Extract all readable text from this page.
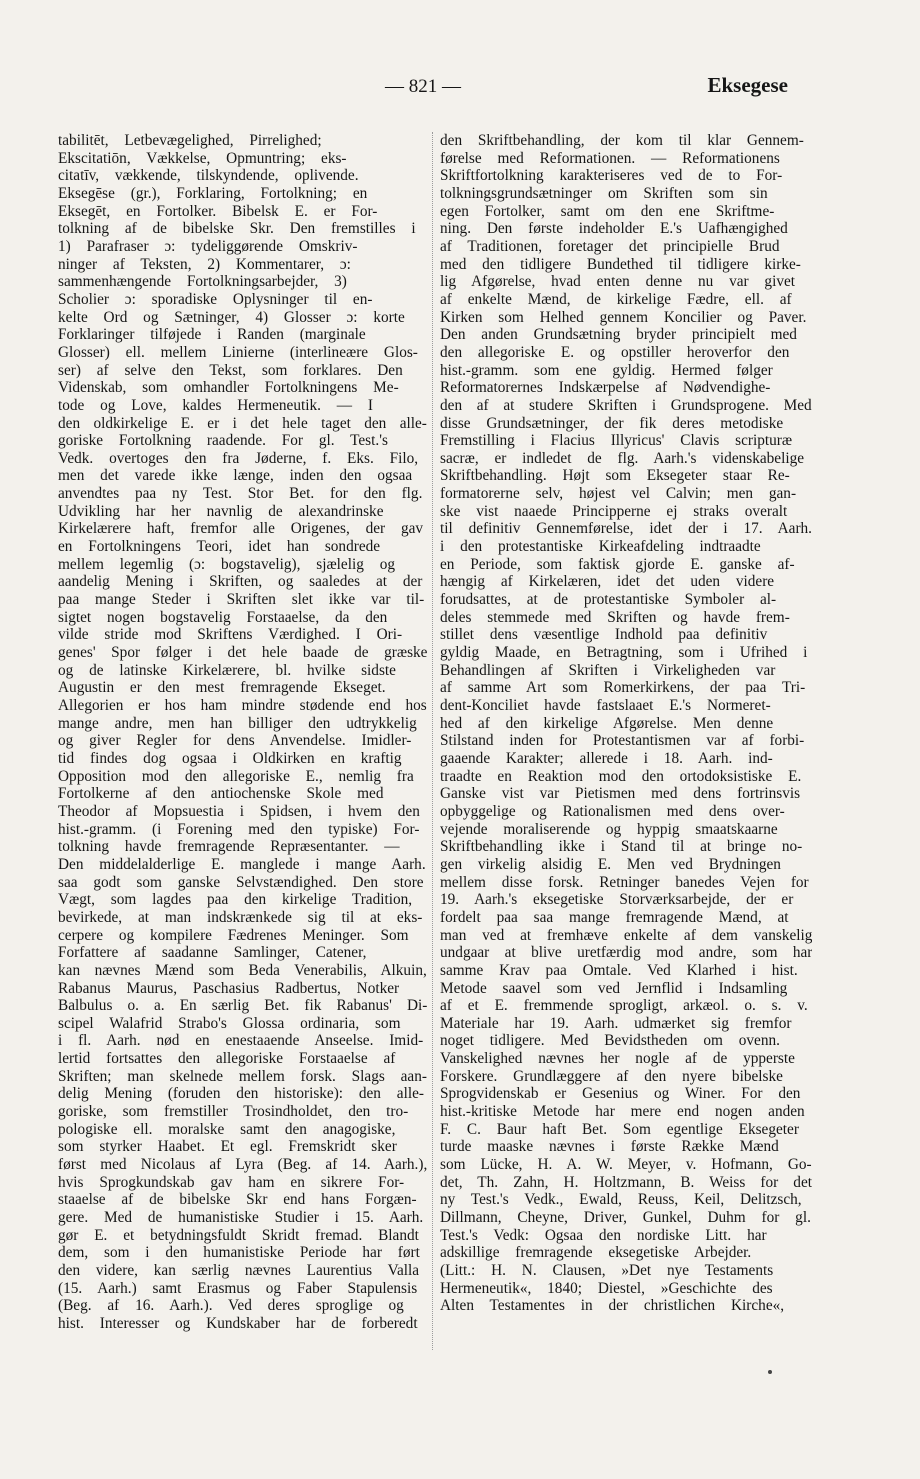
— 821 —	Eksegese
tabilitēt, Letbevægelighed, Pirrelighed;
Ekscitatiōn, Vækkelse, Opmuntring; eks-
citatīv, vækkende, tilskyndende, oplivende.
Eksegēse (gr.), Forklaring, Fortolkning; en
Eksegēt, en Fortolker. Bibelsk E. er For-
tolkning af de bibelske Skr. Den fremstilles i
1) Parafraser ɔ: tydeliggørende Omskriv-
ninger af Teksten, 2) Kommentarer, ɔ:
sammenhængende Fortolkningsarbejder, 3)
Scholier ɔ: sporadiske Oplysninger til en-
kelte Ord og Sætninger, 4) Glosser ɔ: korte
Forklaringer tilføjede i Randen (marginale
Glosser) ell. mellem Linierne (interlineære Glos-
ser) af selve den Tekst, som forklares. Den
Videnskab, som omhandler Fortolkningens Me-
tode og Love, kaldes Hermeneutik. — I
den oldkirkelige E. er i det hele taget den alle-
goriske Fortolkning raadende. For gl. Test.'s
Vedk. overtoges den fra Jøderne, f. Eks. Filo,
men det varede ikke længe, inden den ogsaa
anvendtes paa ny Test. Stor Bet. for den flg.
Udvikling har her navnlig de alexandrinske
Kirkelærere haft, fremfor alle Origenes, der gav
en Fortolkningens Teori, idet han sondrede
mellem legemlig (ɔ: bogstavelig), sjælelig og
aandelig Mening i Skriften, og saaledes at der
paa mange Steder i Skriften slet ikke var til-
sigtet nogen bogstavelig Forstaaelse, da den
vilde stride mod Skriftens Værdighed. I Ori-
genes' Spor følger i det hele baade de græske
og de latinske Kirkelærere, bl. hvilke sidste
Augustin er den mest fremragende Ekseget.
Allegorien er hos ham mindre stødende end hos
mange andre, men han billiger den udtrykkelig
og giver Regler for dens Anvendelse. Imidler-
tid findes dog ogsaa i Oldkirken en kraftig
Opposition mod den allegoriske E., nemlig fra
Fortolkerne af den antiochenske Skole med
Theodor af Mopsuestia i Spidsen, i hvem den
hist.-gramm. (i Forening med den typiske) For-
tolkning havde fremragende Repræsentanter. —
Den middelalderlige E. manglede i mange Aarh.
saa godt som ganske Selvstændighed. Den store
Vægt, som lagdes paa den kirkelige Tradition,
bevirkede, at man indskrænkede sig til at eks-
cerpere og kompilere Fædrenes Meninger. Som
Forfattere af saadanne Samlinger, Catener,
kan nævnes Mænd som Beda Venerabilis, Alkuin,
Rabanus Maurus, Paschasius Radbertus, Notker
Balbulus o. a. En særlig Bet. fik Rabanus' Di-
scipel Walafrid Strabo's Glossa ordinaria, som
i fl. Aarh. nød en enestaaende Anseelse. Imid-
lertid fortsattes den allegoriske Forstaaelse af
Skriften; man skelnede mellem forsk. Slags aan-
delig Mening (foruden den historiske): den alle-
goriske, som fremstiller Trosindholdet, den tro-
pologiske ell. moralske samt den anagogiske,
som styrker Haabet. Et egl. Fremskridt sker
først med Nicolaus af Lyra (Beg. af 14. Aarh.),
hvis Sprogkundskab gav ham en sikrere For-
staaelse af de bibelske Skr end hans Forgæn-
gere. Med de humanistiske Studier i 15. Aarh.
gør E. et betydningsfuldt Skridt fremad. Blandt
dem, som i den humanistiske Periode har ført
den videre, kan særlig nævnes Laurentius Valla
(15. Aarh.) samt Erasmus og Faber Stapulensis
(Beg. af 16. Aarh.). Ved deres sproglige og
hist. Interesser og Kundskaber har de forberedt
den Skriftbehandling, der kom til klar Gennem-
førelse med Reformationen. — Reformationens
Skriftfortolkning karakteriseres ved de to For-
tolkningsgrundsætninger om Skriften som sin
egen Fortolker, samt om den ene Skriftme-
ning. Den første indeholder E.'s Uafhængighed
af Traditionen, foretager det principielle Brud
med den tidligere Bundethed til tidligere kirke-
lig Afgørelse, hvad enten denne nu var givet
af enkelte Mænd, de kirkelige Fædre, ell. af
Kirken som Helhed gennem Koncilier og Paver.
Den anden Grundsætning bryder principielt med
den allegoriske E. og opstiller heroverfor den
hist.-gramm. som ene gyldig. Hermed følger
Reformatorernes Indskærpelse af Nødvendighe-
den af at studere Skriften i Grundsprogene. Med
disse Grundsætninger, der fik deres metodiske
Fremstilling i Flacius Illyricus' Clavis scripturæ
sacræ, er indledet de flg. Aarh.'s videnskabelige
Skriftbehandling. Højt som Eksegeter staar Re-
formatorerne selv, højest vel Calvin; men gan-
ske vist naaede Principperne ej straks overalt
til definitiv Gennemførelse, idet der i 17. Aarh.
i den protestantiske Kirkeafdeling indtraadte
en Periode, som faktisk gjorde E. ganske af-
hængig af Kirkelæren, idet det uden videre
forudsattes, at de protestantiske Symboler al-
deles stemmede med Skriften og havde frem-
stillet dens væsentlige Indhold paa definitiv
gyldig Maade, en Betragtning, som i Ufrihed i
Behandlingen af Skriften i Virkeligheden var
af samme Art som Romerkirkens, der paa Tri-
dent-Konciliet havde fastslaaet E.'s Normeret-
hed af den kirkelige Afgørelse. Men denne
Stilstand inden for Protestantismen var af forbi-
gaaende Karakter; allerede i 18. Aarh. ind-
traadte en Reaktion mod den ortodoksistiske E.
Ganske vist var Pietismen med dens fortrinsvis
opbyggelige og Rationalismen med dens over-
vejende moraliserende og hyppig smaatskaarne
Skriftbehandling ikke i Stand til at bringe no-
gen virkelig alsidig E. Men ved Brydningen
mellem disse forsk. Retninger banedes Vejen for
19. Aarh.'s eksegetiske Storværksarbejde, der er
fordelt paa saa mange fremragende Mænd, at
man ved at fremhæve enkelte af dem vanskelig
undgaar at blive uretfærdig mod andre, som har
samme Krav paa Omtale. Ved Klarhed i hist.
Metode saavel som ved Jernflid i Indsamling
af et E. fremmende sprogligt, arkæol. o. s. v.
Materiale har 19. Aarh. udmærket sig fremfor
noget tidligere. Med Bevidstheden om ovenn.
Vanskelighed nævnes her nogle af de ypperste
Forskere. Grundlæggere af den nyere bibelske
Sprogvidenskab er Gesenius og Winer. For den
hist.-kritiske Metode har mere end nogen anden
F. C. Baur haft Bet. Som egentlige Eksegeter
turde maaske nævnes i første Række Mænd
som Lücke, H. A. W. Meyer, v. Hofmann, Go-
det, Th. Zahn, H. Holtzmann, B. Weiss for det
ny Test.'s Vedk., Ewald, Reuss, Keil, Delitzsch,
Dillmann, Cheyne, Driver, Gunkel, Duhm for gl.
Test.'s Vedk: Ogsaa den nordiske Litt. har
adskillige fremragende eksegetiske Arbejder.
(Litt.: H. N. Clausen, »Det nye Testaments
Hermeneutik«, 1840; Diestel, »Geschichte des
Alten Testamentes in der christlichen Kirche«,
